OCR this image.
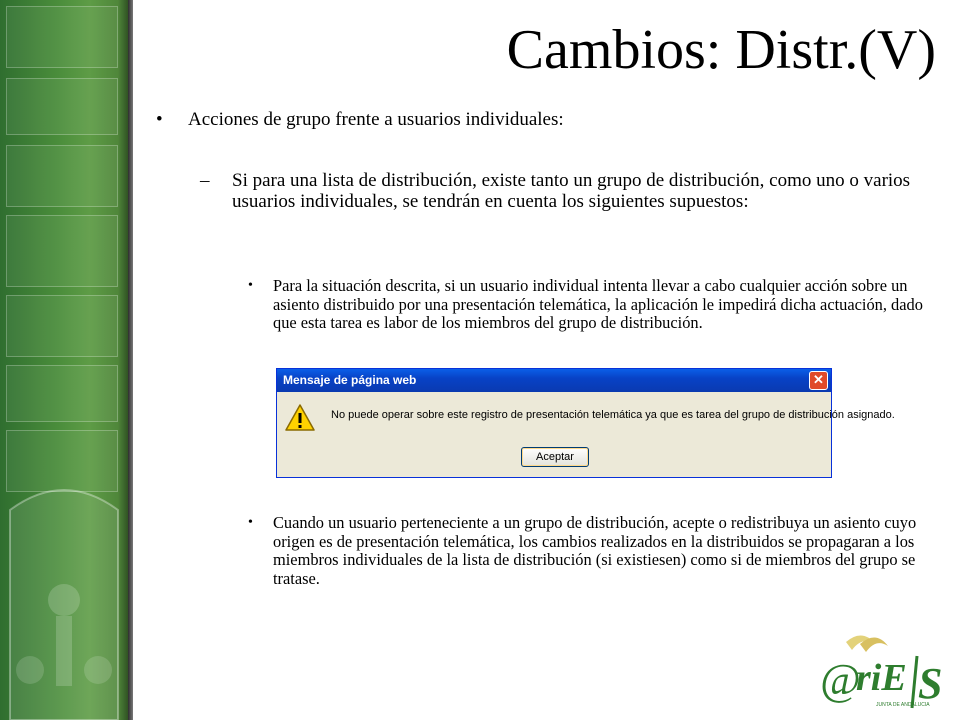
Cambios: Distr.(V)
• Acciones de grupo frente a usuarios individuales:
– Si para una lista de distribución, existe tanto un grupo de distribución, como uno o varios usuarios individuales, se tendrán en cuenta los siguientes supuestos:
• Para la situación descrita, si un usuario individual intenta llevar a cabo cualquier acción sobre un asiento distribuido por una presentación telemática, la aplicación le impedirá dicha actuación, dado que esta tarea es labor de los miembros del grupo de distribución.
Mensaje de página web	✕
No puede operar sobre este registro de presentación telemática ya que es tarea del grupo de distribución asignado.
Aceptar
• Cuando un usuario perteneciente a un grupo de distribución, acepte o redistribuya un asiento cuyo origen es de presentación telemática, los cambios realizados en la distribuidos se propagaran a los miembros individuales de la lista de distribución (si existiesen) como si de miembros del grupo se tratase.
@
riE S
JUNTA DE ANDALUCIA
